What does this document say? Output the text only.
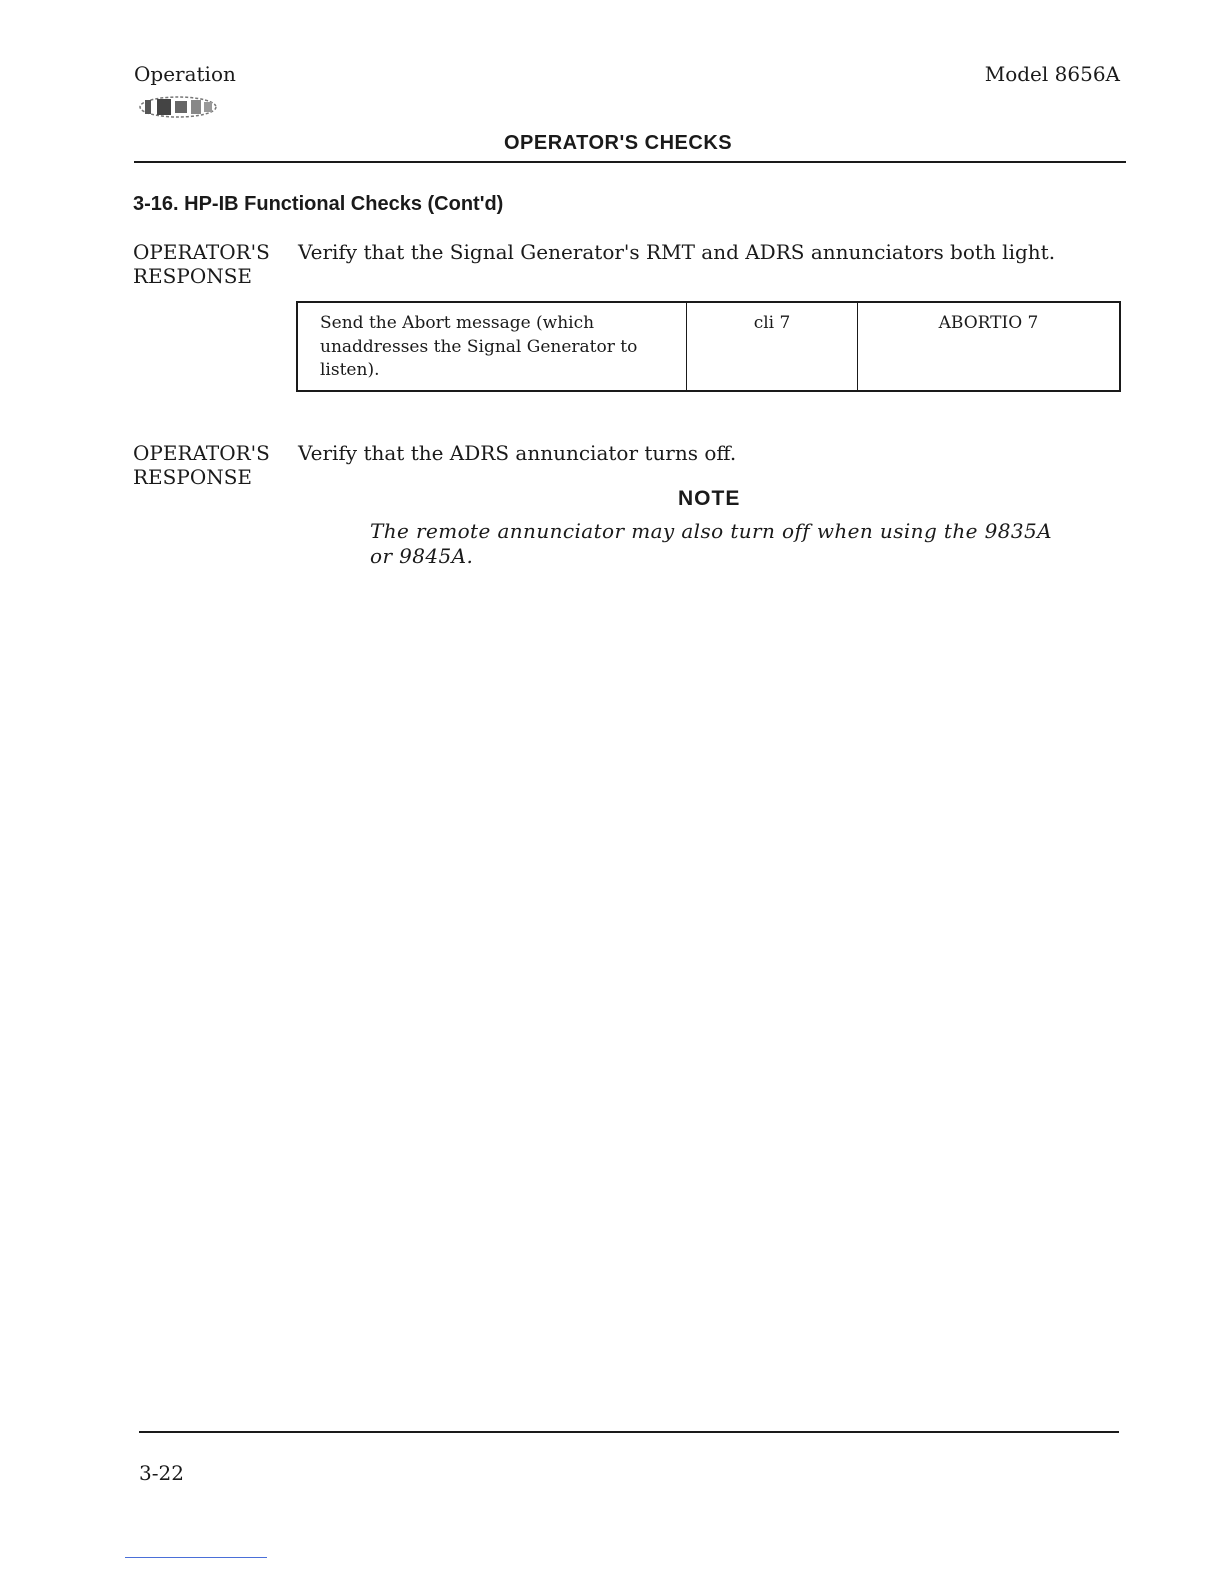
Operation	Model 8656A
OPERATOR'S CHECKS
3-16. HP-IB Functional Checks (Cont'd)
OPERATOR'S
RESPONSE
Verify that the Signal Generator's RMT and ADRS annunciators both light.
Send the Abort message (which
unaddresses the Signal Generator to
listen).
	cli 7	ABORTIO 7
OPERATOR'S
RESPONSE
Verify that the ADRS annunciator turns off.
NOTE
The remote annunciator may also turn off when using the 9835A or 9845A.
3-22
